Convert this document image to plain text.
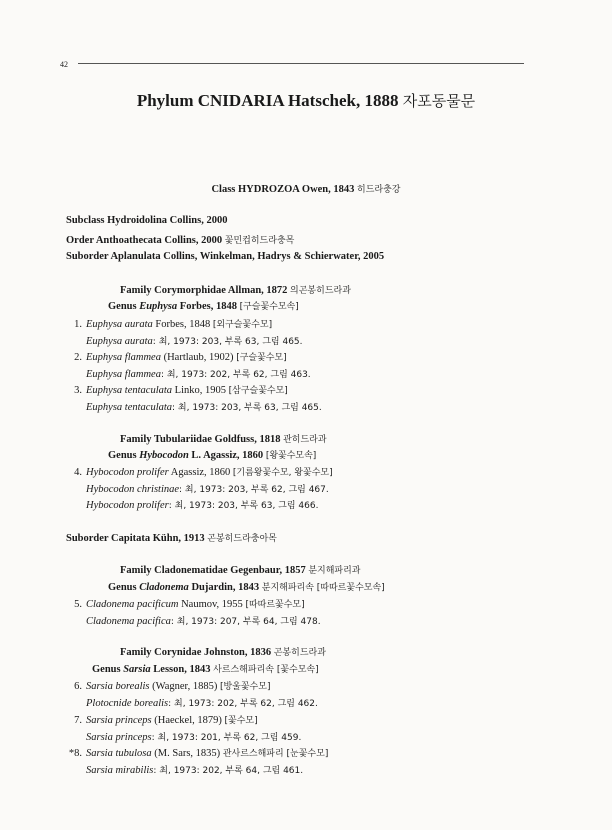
42
Phylum CNIDARIA Hatschek, 1888 자포동물문
Class HYDROZOA Owen, 1843 히드라충강
Subclass Hydroidolina Collins, 2000
Order Anthoathecata Collins, 2000 꽃민컵히드라충목
Suborder Aplanulata Collins, Winkelman, Hadrys & Schierwater, 2005
Family Corymorphidae Allman, 1872 의곤봉히드라과
Genus Euphysa Forbes, 1848 [구슬꽃수모속]
1. Euphysa aurata Forbes, 1848 [외구슬꽃수모]
Euphysa aurata: 최, 1973: 203, 부록 63, 그림 465.
2. Euphysa flammea (Hartlaub, 1902) [구슬꽃수모]
Euphysa flammea: 최, 1973: 202, 부록 62, 그림 463.
3. Euphysa tentaculata Linko, 1905 [삼구슬꽃수모]
Euphysa tentaculata: 최, 1973: 203, 부록 63, 그림 465.
Family Tubulariidae Goldfuss, 1818 관히드라과
Genus Hybocodon L. Agassiz, 1860 [왕꽃수모속]
4. Hybocodon prolifer Agassiz, 1860 [기름왕꽃수모, 왕꽃수모]
Hybocodon christinae: 최, 1973: 203, 부록 62, 그림 467.
Hybocodon prolifer: 최, 1973: 203, 부록 63, 그림 466.
Suborder Capitata Kühn, 1913 곤봉히드라충아목
Family Cladonematidae Gegenbaur, 1857 분지해파리과
Genus Cladonema Dujardin, 1843 분지해파리속 [따따르꽃수모속]
5. Cladonema pacificum Naumov, 1955 [따따르꽃수모]
Cladonema pacifica: 최, 1973: 207, 부록 64, 그림 478.
Family Corynidae Johnston, 1836 곤봉히드라과
Genus Sarsia Lesson, 1843 사르스해파리속 [꽃수모속]
6. Sarsia borealis (Wagner, 1885) [방울꽃수모]
Plotocnide borealis: 최, 1973: 202, 부록 62, 그림 462.
7. Sarsia princeps (Haeckel, 1879) [꽃수모]
Sarsia princeps: 최, 1973: 201, 부록 62, 그림 459.
*8. Sarsia tubulosa (M. Sars, 1835) 관사르스해파리 [눈꽃수모]
Sarsia mirabilis: 최, 1973: 202, 부록 64, 그림 461.
